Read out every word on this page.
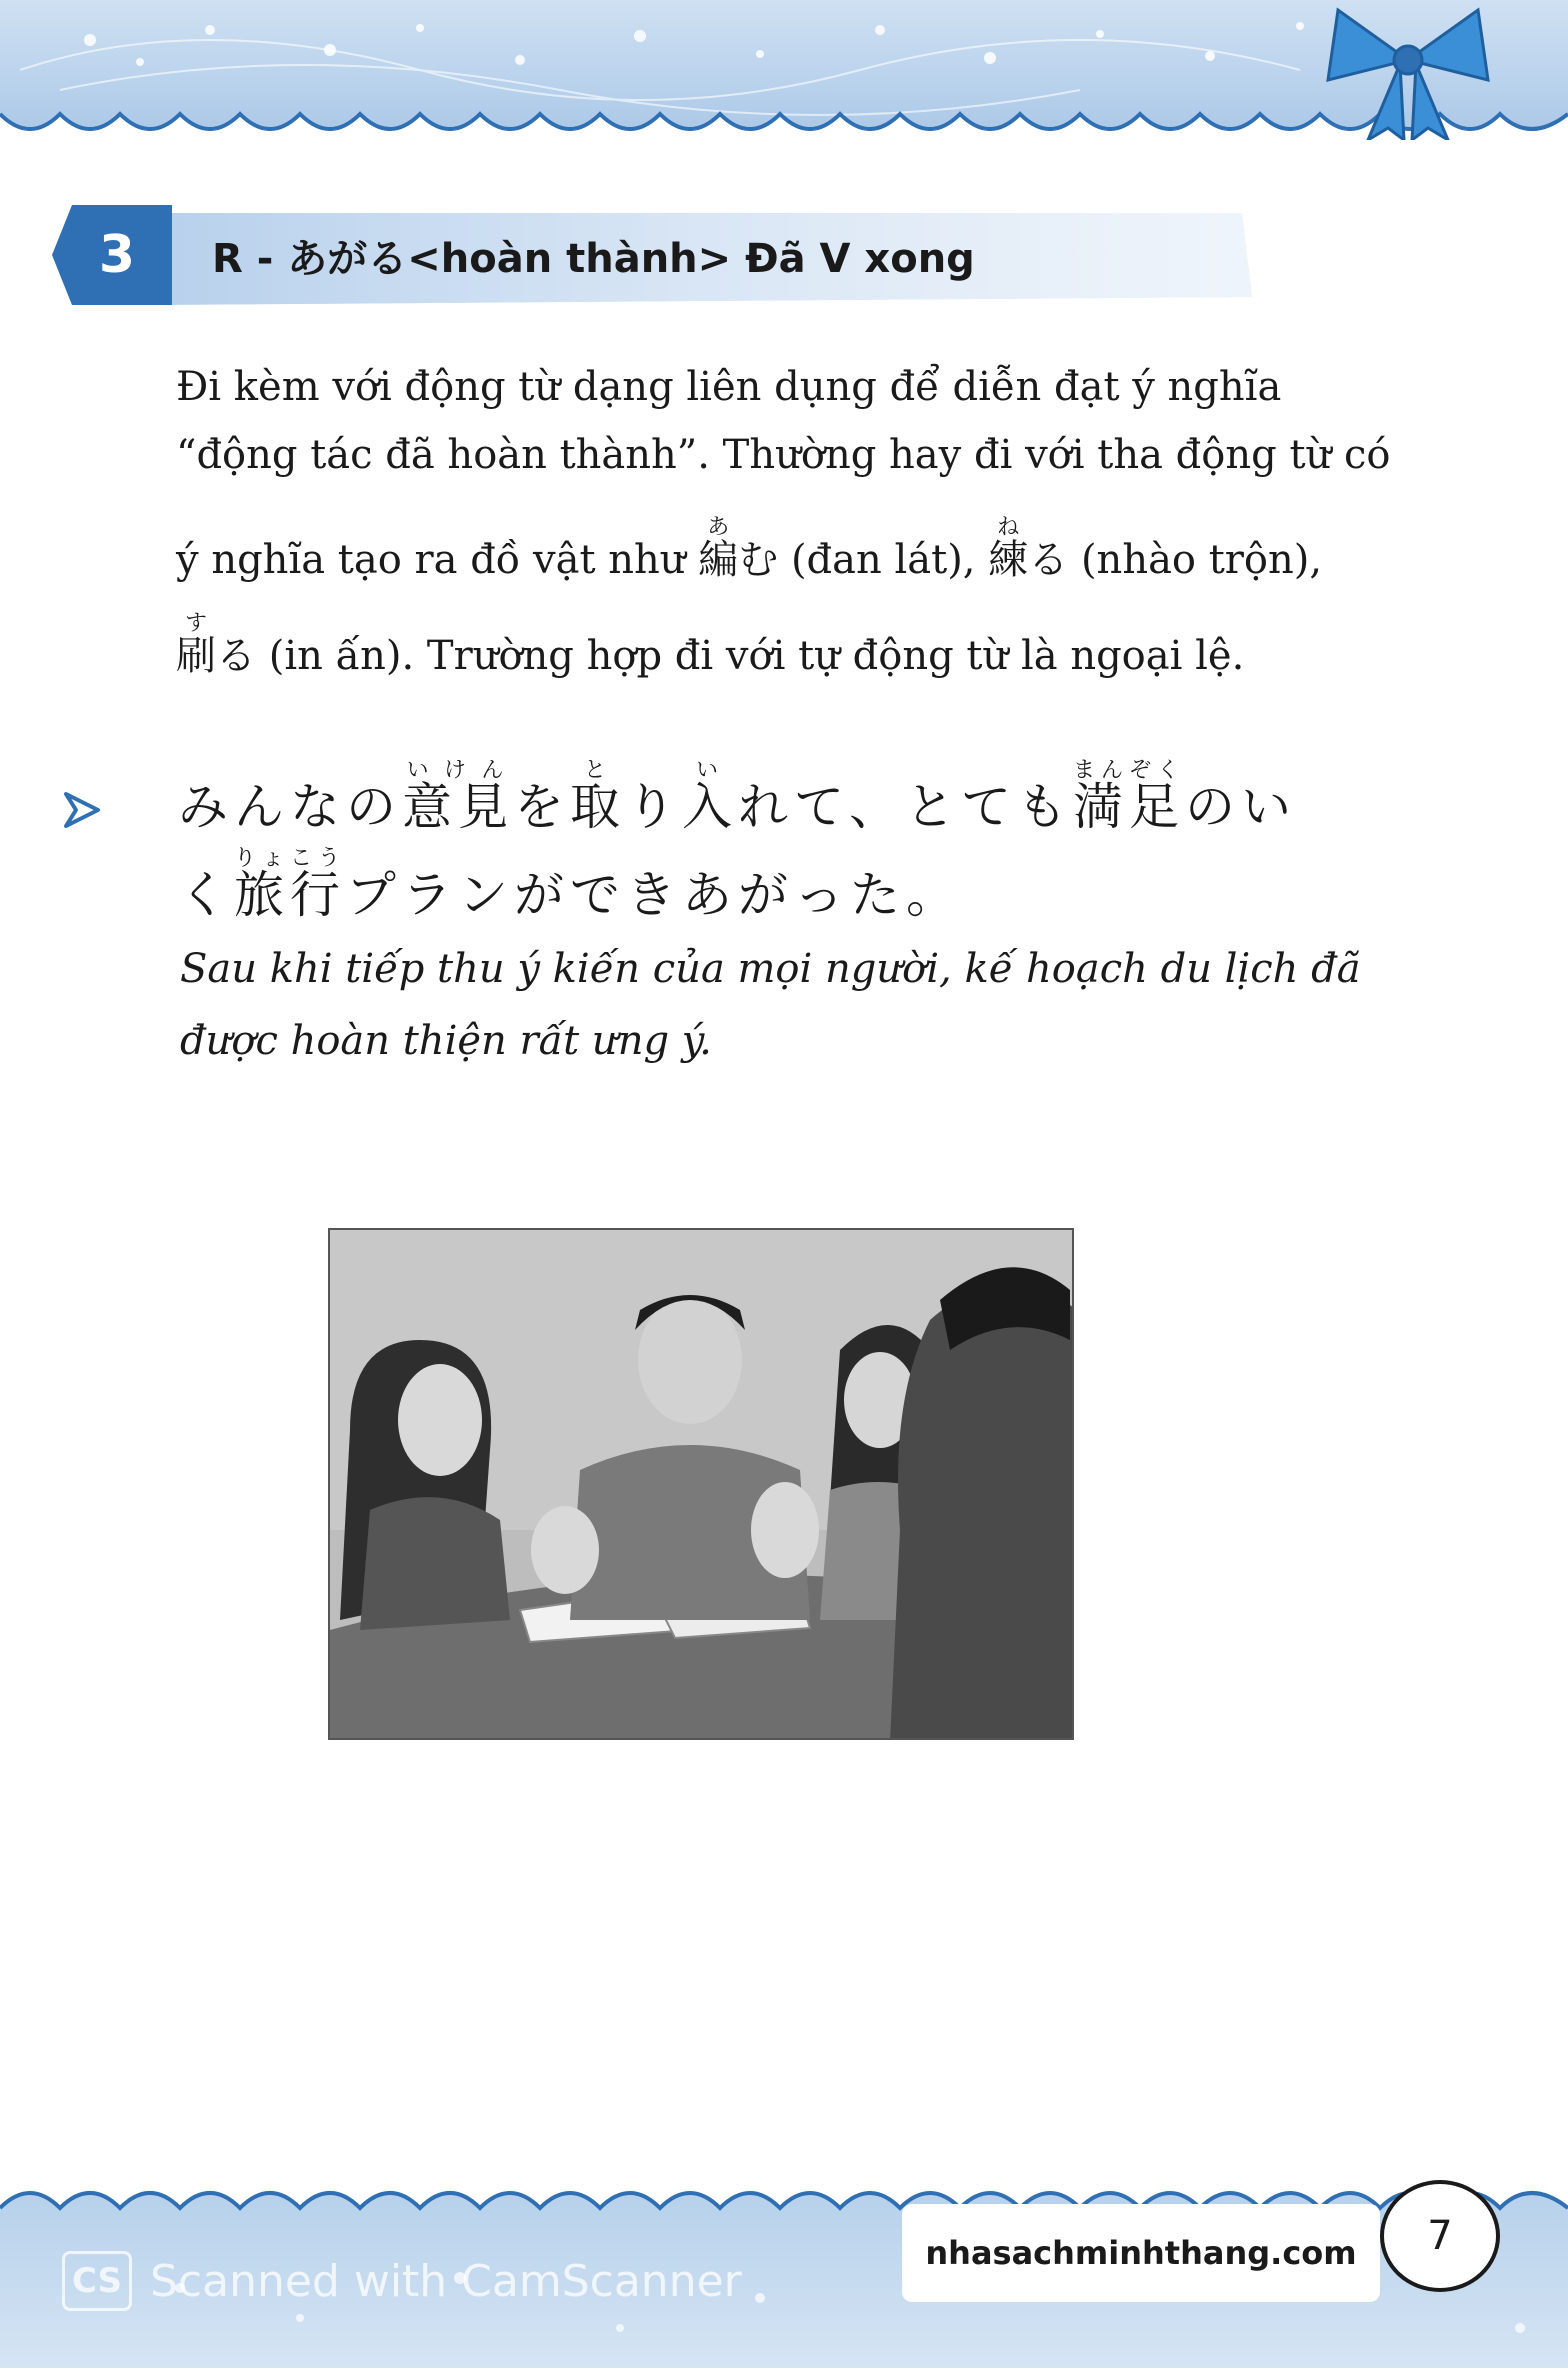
3	R - あがる<hoàn thành> Đã V xong
Đi kèm với động từ dạng liên dụng để diễn đạt ý nghĩa
“động tác đã hoàn thành”. Thường hay đi với tha động từ có
ý nghĩa tạo ra đồ vật như 編あむ (đan lát), 練ねる (nhào trộn),
刷する (in ấn). Trường hợp đi với tự động từ là ngoại lệ.
みんなの意見いけんを取とり入いれて、とても満足まんぞくのい
く旅行りょこうプランができあがった。
Sau khi tiếp thu ý kiến của mọi người, kế hoạch du lịch đã
được hoàn thiện rất ưng ý.
CS Scanned with CamScanner
nhasachminhthang.com	7
